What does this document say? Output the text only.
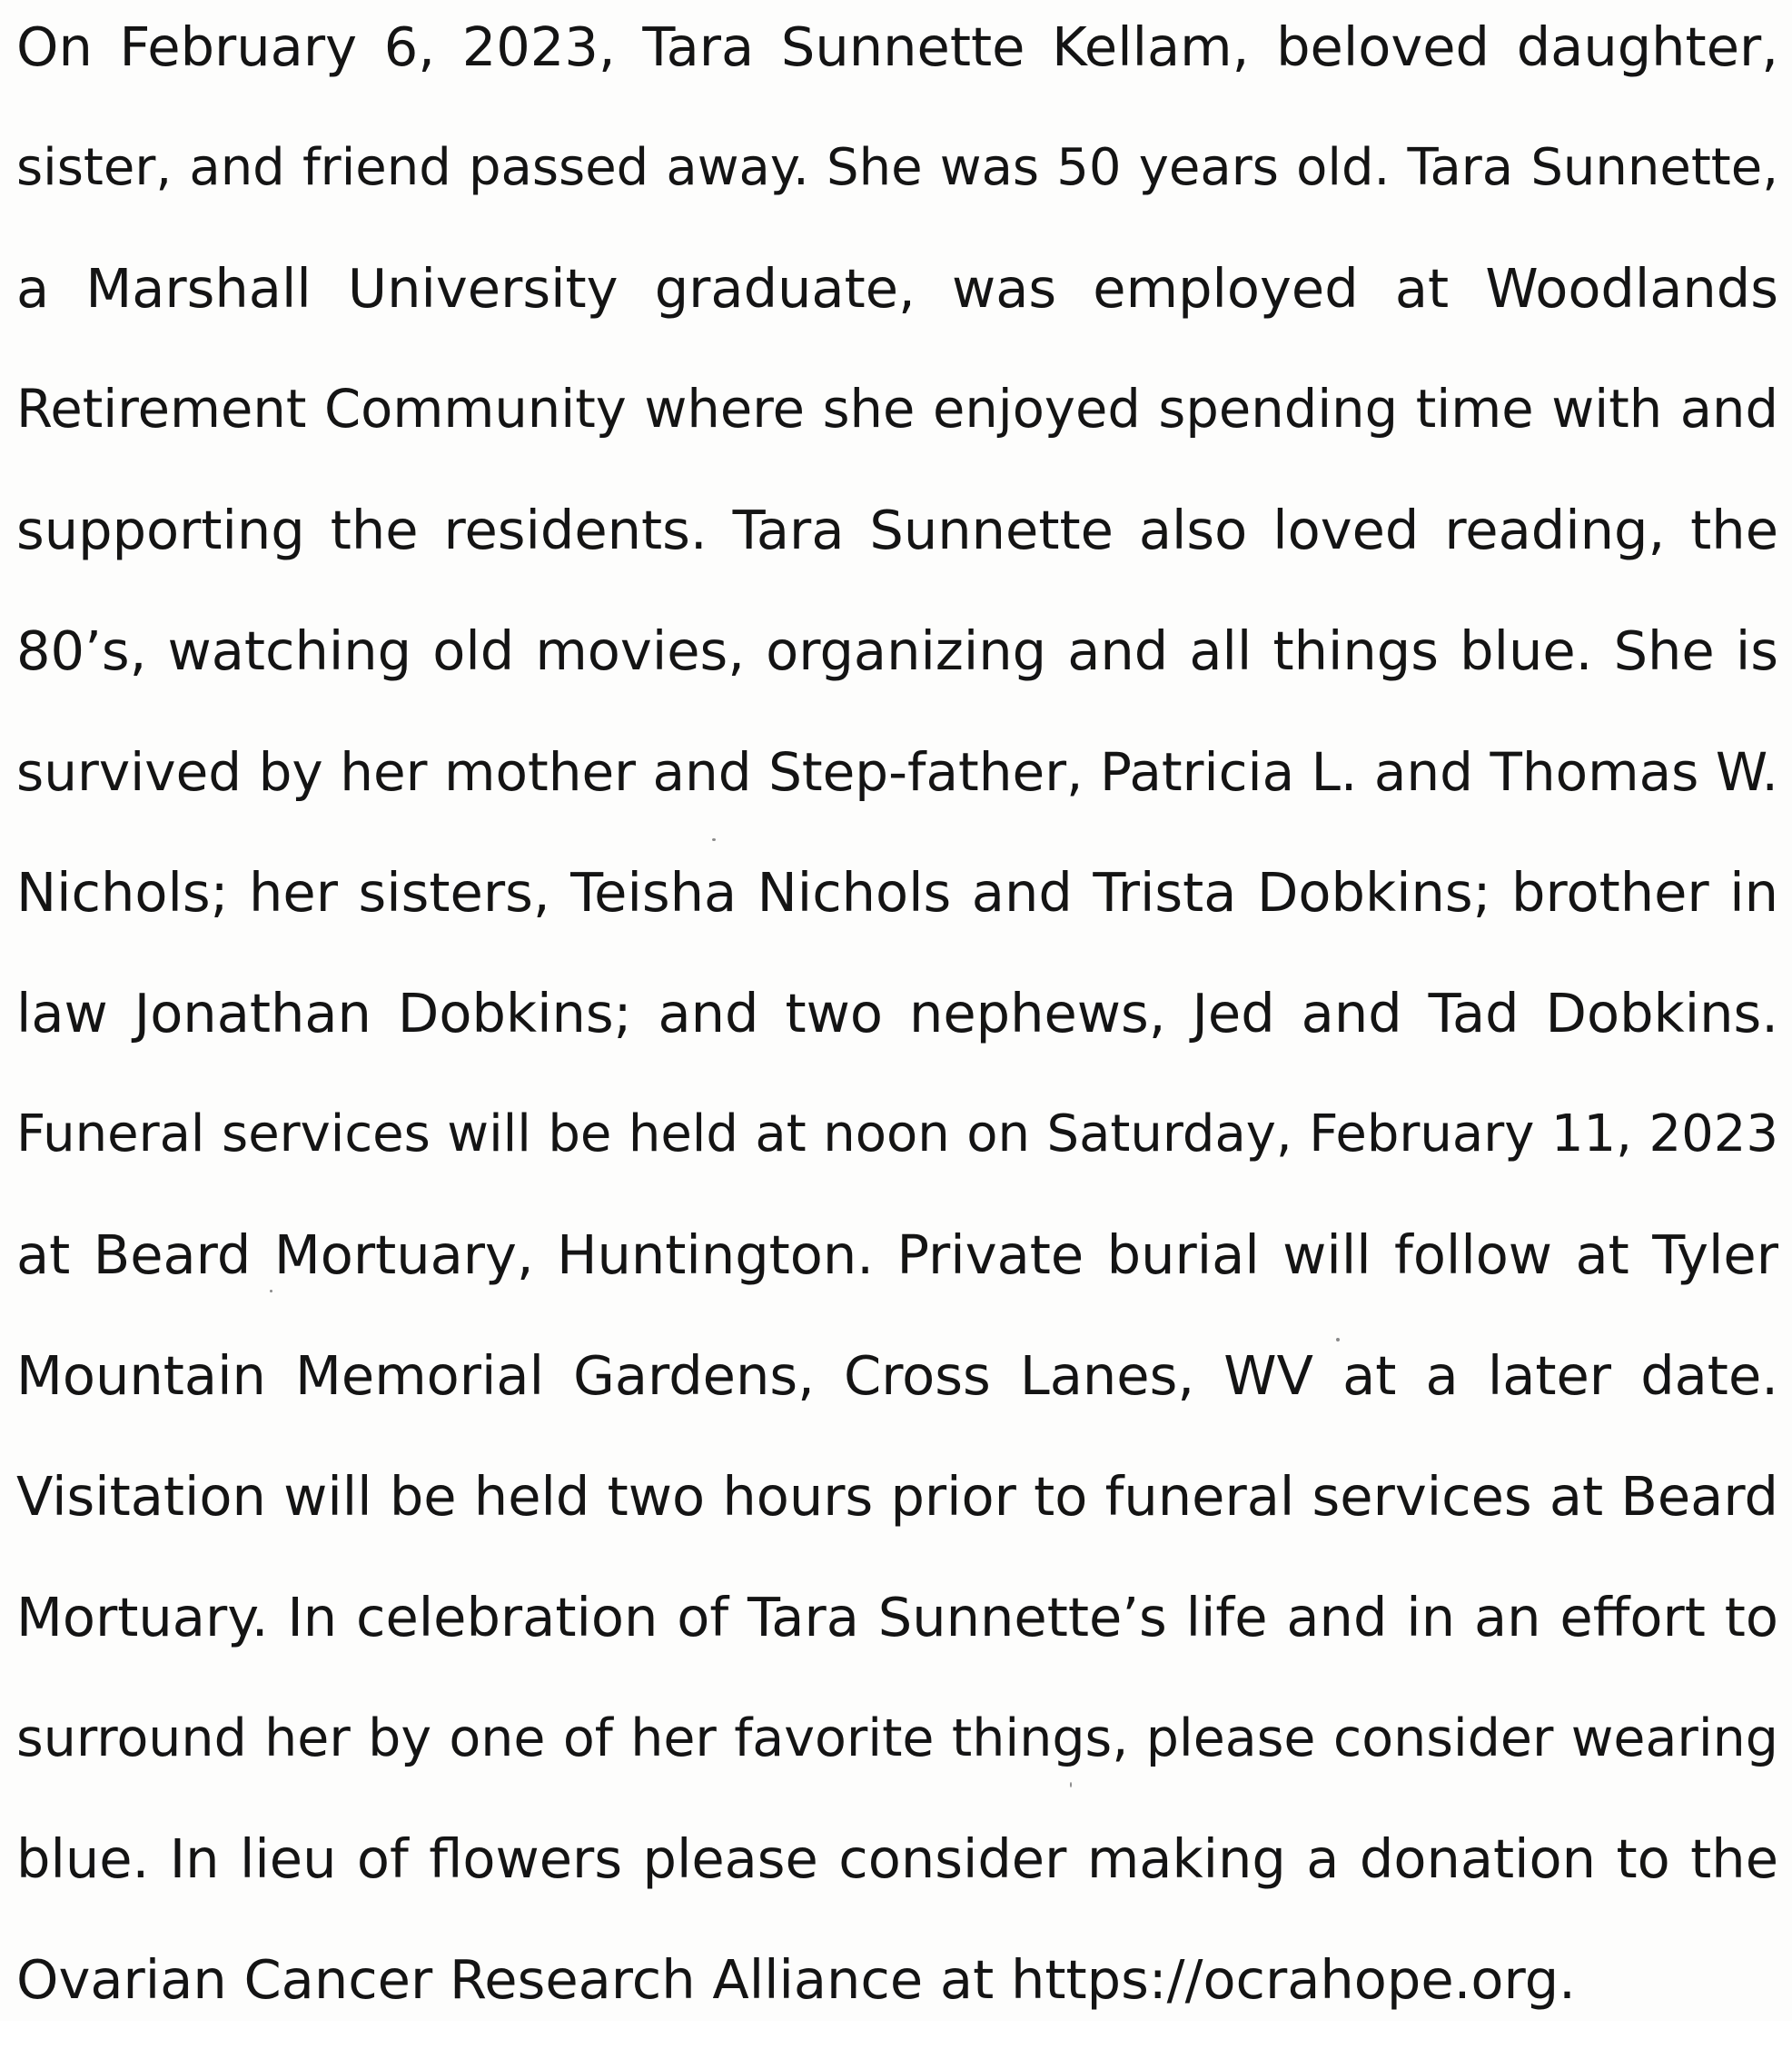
On February 6, 2023, Tara Sunnette Kellam, beloved daughter,
sister, and friend passed away. She was 50 years old. Tara Sunnette,
a Marshall University graduate, was employed at Woodlands
Retirement Community where she enjoyed spending time with and
supporting the residents. Tara Sunnette also loved reading, the
80’s, watching old movies, organizing and all things blue. She is
survived by her mother and Step-father, Patricia L. and Thomas W.
Nichols; her sisters, Teisha Nichols and Trista Dobkins; brother in
law Jonathan Dobkins; and two nephews, Jed and Tad Dobkins.
Funeral services will be held at noon on Saturday, February 11, 2023
at Beard Mortuary, Huntington. Private burial will follow at Tyler
Mountain Memorial Gardens, Cross Lanes, WV at a later date.
Visitation will be held two hours prior to funeral services at Beard
Mortuary. In celebration of Tara Sunnette’s life and in an effort to
surround her by one of her favorite things, please consider wearing
blue. In lieu of flowers please consider making a donation to the
Ovarian Cancer Research Alliance at https://ocrahope.org.
